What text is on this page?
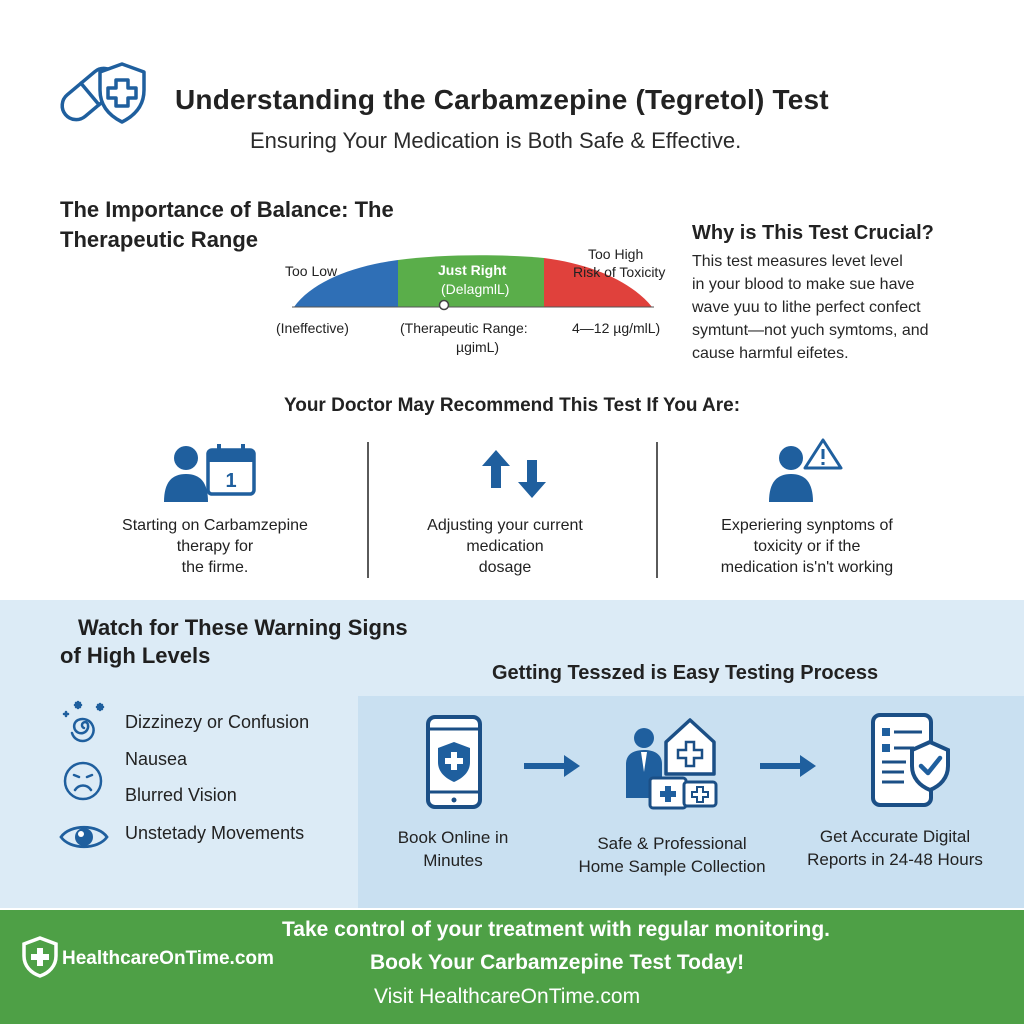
Understanding the Carbamzepine (Tegretol) Test
Ensuring Your Medication is Both Safe & Effective.
The Importance of Balance: The Therapeutic Range
Too Low	Just Right
(DelagmlL)
Too High
Risk of Toxicity
(Ineffective)	(Therapeutic Range:
µgimL)
4—12 µg/mlL)
Why is This Test Crucial?
This test measures levet level
in your blood to make sue have
wave yuu to lithe perfect confect
symtunt—not yuch symtoms, and
cause harmful eifetes.
Your Doctor May Recommend This Test If You Are:
1
Starting on Carbamzepine
therapy for
the firme.
Adjusting your current
medication
dosage
Experiering synptoms of
toxicity or if the
medication is'n't working
Watch for These Warning Signs
of High Levels
Dizzinezy or Confusion
Nausea
Blurred Vision
Unstetady Movements
Getting Tesszed is Easy Testing Process
Book Online in
Minutes
Safe & Professional
Home Sample Collection
Get Accurate Digital
Reports in 24-48 Hours
HealthcareOnTime.com
Take control of your treatment with regular monitoring.
Book Your Carbamzepine Test Today!
Visit HealthcareOnTime.com
